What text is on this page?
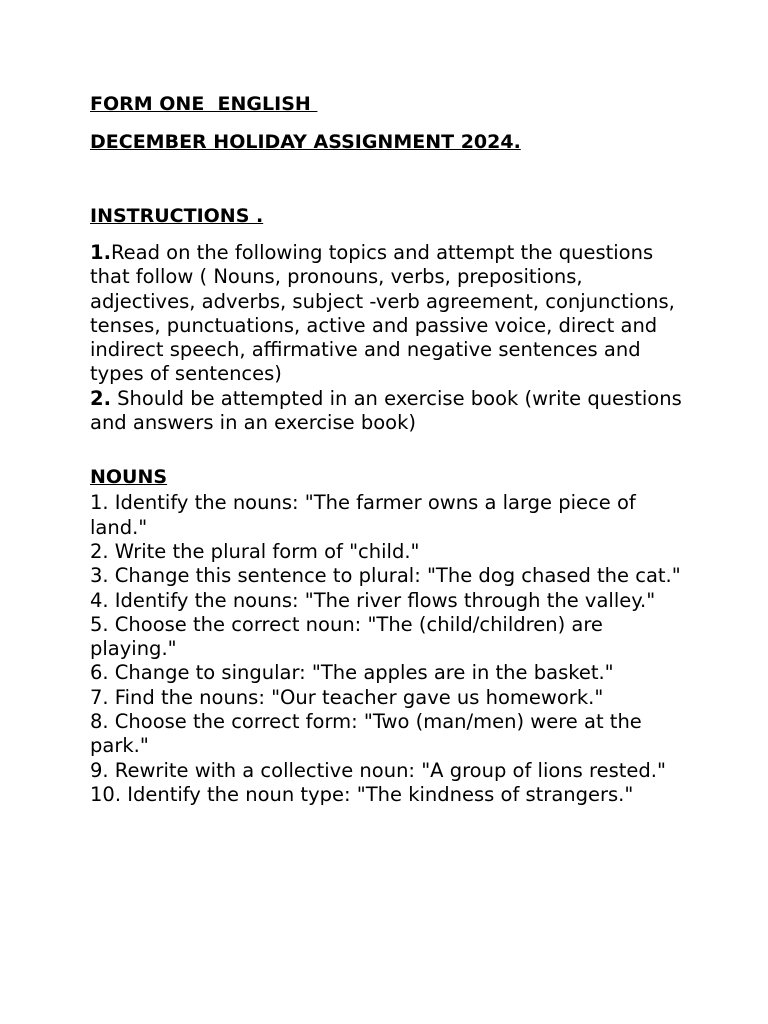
FORM ONE  ENGLISH

DECEMBER HOLIDAY ASSIGNMENT 2024.

INSTRUCTIONS .

1.Read on the following topics and attempt the questions that follow ( Nouns, pronouns, verbs, prepositions, adjectives, adverbs, subject -verb agreement, conjunctions, tenses, punctuations, active and passive voice, direct and indirect speech, affirmative and negative sentences and types of sentences)

2. Should be attempted in an exercise book (write questions and answers in an exercise book)

NOUNS

1. Identify the nouns: "The farmer owns a large piece of land."
2. Write the plural form of "child."
3. Change this sentence to plural: "The dog chased the cat."
4. Identify the nouns: "The river flows through the valley."
5. Choose the correct noun: "The (child/children) are playing."
6. Change to singular: "The apples are in the basket."
7. Find the nouns: "Our teacher gave us homework."
8. Choose the correct form: "Two (man/men) were at the park."
9. Rewrite with a collective noun: "A group of lions rested."
10. Identify the noun type: "The kindness of strangers."
